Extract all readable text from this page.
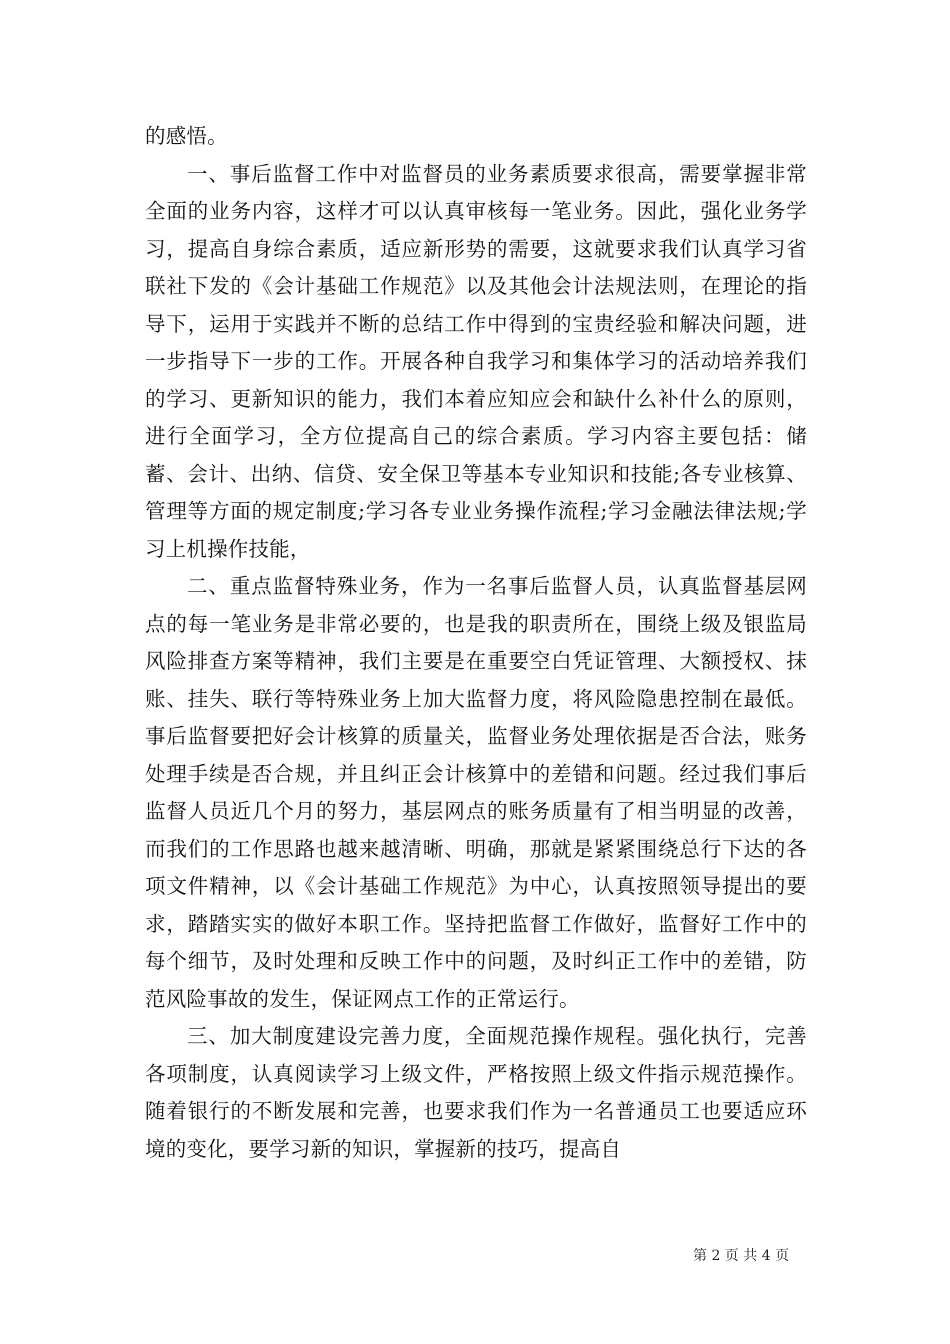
的感悟。

一、事后监督工作中对监督员的业务素质要求很高，需要掌握非常全面的业务内容，这样才可以认真审核每一笔业务。因此，强化业务学习，提高自身综合素质，适应新形势的需要，这就要求我们认真学习省联社下发的《会计基础工作规范》以及其他会计法规法则，在理论的指导下，运用于实践并不断的总结工作中得到的宝贵经验和解决问题，进一步指导下一步的工作。开展各种自我学习和集体学习的活动培养我们的学习、更新知识的能力，我们本着应知应会和缺什么补什么的原则，进行全面学习，全方位提高自己的综合素质。学习内容主要包括：储蓄、会计、出纳、信贷、安全保卫等基本专业知识和技能;各专业核算、管理等方面的规定制度;学习各专业业务操作流程;学习金融法律法规;学习上机操作技能，

二、重点监督特殊业务，作为一名事后监督人员，认真监督基层网点的每一笔业务是非常必要的，也是我的职责所在，围绕上级及银监局风险排查方案等精神，我们主要是在重要空白凭证管理、大额授权、抹账、挂失、联行等特殊业务上加大监督力度，将风险隐患控制在最低。事后监督要把好会计核算的质量关，监督业务处理依据是否合法，账务处理手续是否合规，并且纠正会计核算中的差错和问题。经过我们事后监督人员近几个月的努力，基层网点的账务质量有了相当明显的改善，而我们的工作思路也越来越清晰、明确，那就是紧紧围绕总行下达的各项文件精神，以《会计基础工作规范》为中心，认真按照领导提出的要求，踏踏实实的做好本职工作。坚持把监督工作做好，监督好工作中的每个细节，及时处理和反映工作中的问题，及时纠正工作中的差错，防范风险事故的发生，保证网点工作的正常运行。

三、加大制度建设完善力度，全面规范操作规程。强化执行，完善各项制度，认真阅读学习上级文件，严格按照上级文件指示规范操作。随着银行的不断发展和完善，也要求我们作为一名普通员工也要适应环境的变化，要学习新的知识，掌握新的技巧，提高自

第 2 页 共 4 页
